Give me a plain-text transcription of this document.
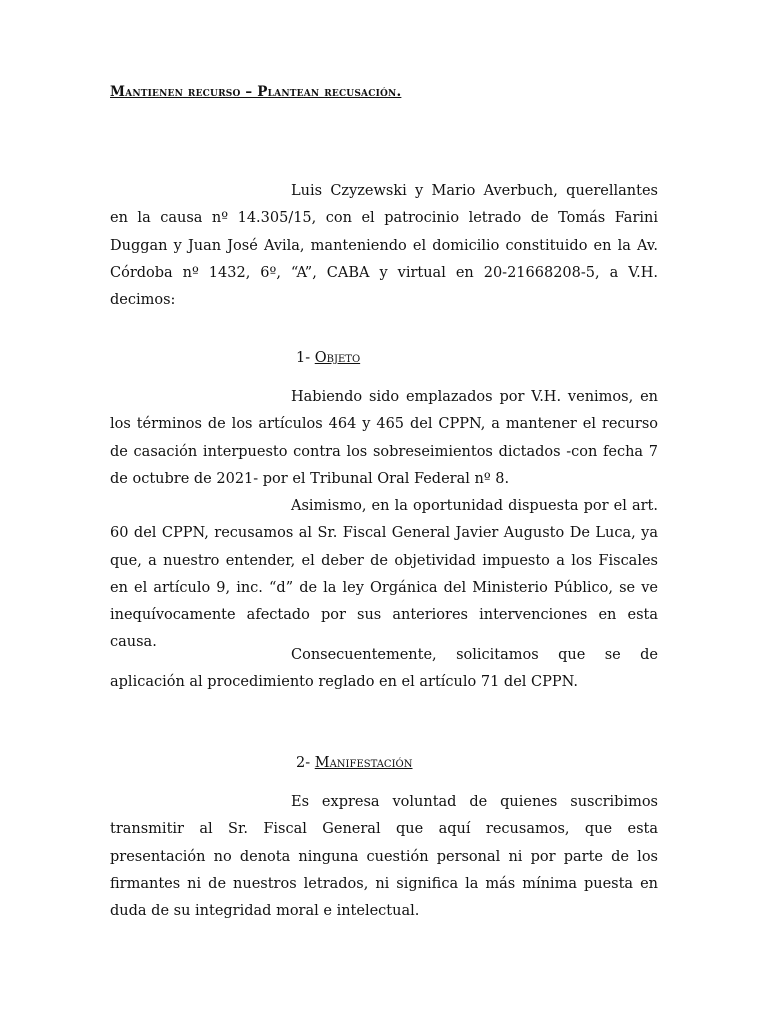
Mantienen recurso – Plantean recusación.

Luis Czyzewski y Mario Averbuch, querellantes en la causa nº 14.305/15, con el patrocinio letrado de Tomás Farini Duggan y Juan José Avila, manteniendo el domicilio constituido en la Av. Córdoba nº 1432, 6º, “A”, CABA y virtual en 20-21668208-5, a V.H. decimos:

1- Objeto

Habiendo sido emplazados por V.H. venimos, en los términos de los artículos 464 y 465 del CPPN, a mantener el recurso de casación interpuesto contra los sobreseimientos dictados -con fecha 7 de octubre de 2021- por el Tribunal Oral Federal nº 8.

Asimismo, en la oportunidad dispuesta por el art. 60 del CPPN, recusamos al Sr. Fiscal General Javier Augusto De Luca, ya que, a nuestro entender, el deber de objetividad impuesto a los Fiscales en el artículo 9, inc. “d” de la ley Orgánica del Ministerio Público, se ve inequívocamente afectado por sus anteriores intervenciones en esta causa.

Consecuentemente, solicitamos que se de aplicación al procedimiento reglado en el artículo 71 del CPPN.

2- Manifestación

Es expresa voluntad de quienes suscribimos transmitir al Sr. Fiscal General que aquí recusamos, que esta presentación no denota ninguna cuestión personal ni por parte de los firmantes ni de nuestros letrados, ni significa la más mínima puesta en duda de su integridad moral e intelectual.
